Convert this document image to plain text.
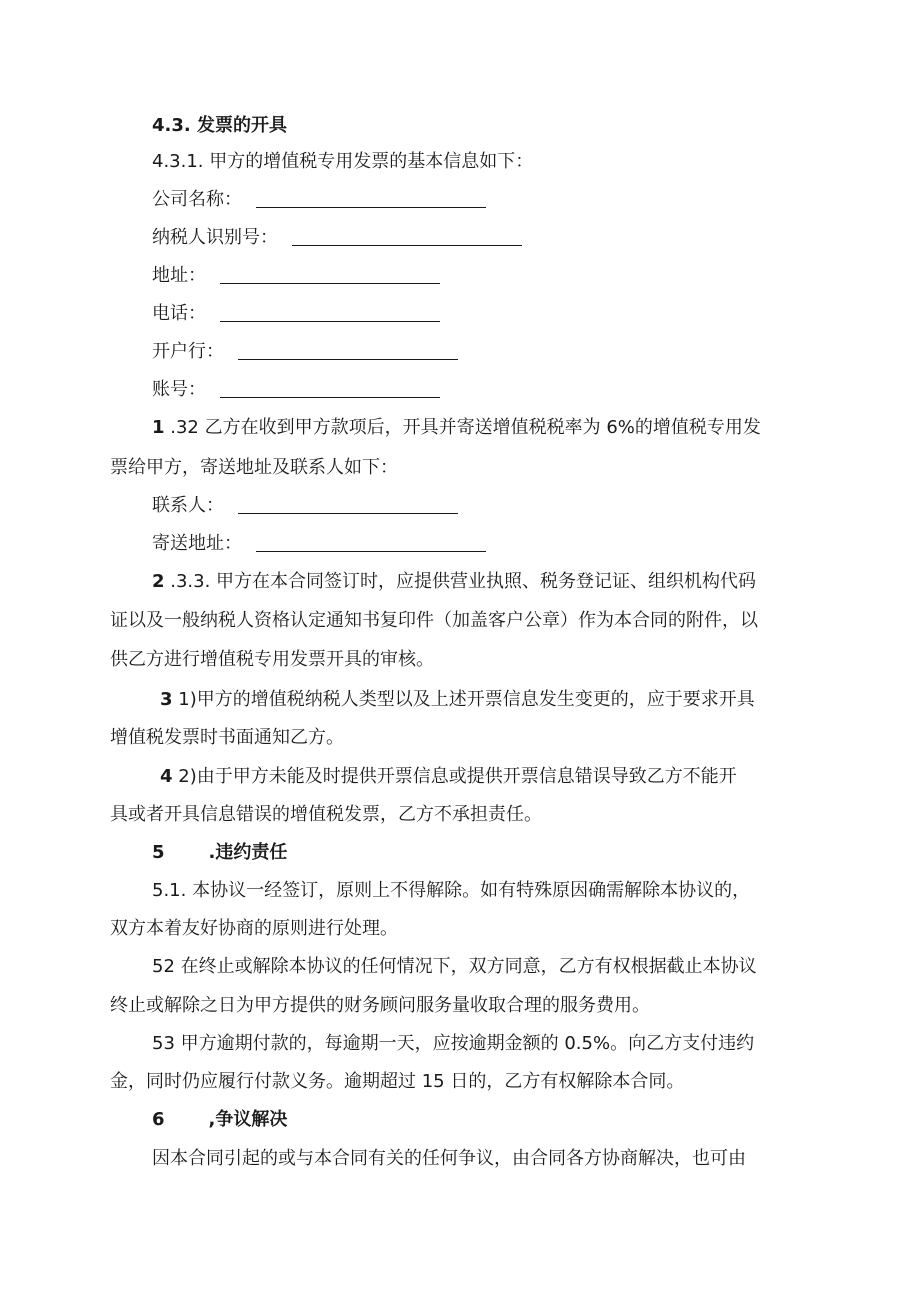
4.3. 发票的开具
4.3.1. 甲方的增值税专用发票的基本信息如下：
公司名称：
纳税人识别号：
地址：
电话：
开户行：
账号：
1 .32 乙方在收到甲方款项后，开具并寄送增值税税率为 6%的增值税专用发
票给甲方，寄送地址及联系人如下：
联系人：
寄送地址：
2 .3.3. 甲方在本合同签订时，应提供营业执照、税务登记证、组织机构代码
证以及一般纳税人资格认定通知书复印件（加盖客户公章）作为本合同的附件，以
供乙方进行增值税专用发票开具的审核。
3 1)甲方的增值税纳税人类型以及上述开票信息发生变更的，应于要求开具
增值税发票时书面通知乙方。
4 2)由于甲方未能及时提供开票信息或提供开票信息错误导致乙方不能开
具或者开具信息错误的增值税发票，乙方不承担责任。
5 .违约责任
5.1. 本协议一经签订，原则上不得解除。如有特殊原因确需解除本协议的，
双方本着友好协商的原则进行处理。
52 在终止或解除本协议的任何情况下，双方同意，乙方有权根据截止本协议
终止或解除之日为甲方提供的财务顾问服务量收取合理的服务费用。
53 甲方逾期付款的，每逾期一天，应按逾期金额的 0.5%。向乙方支付违约
金，同时仍应履行付款义务。逾期超过 15 日的，乙方有权解除本合同。
6 ,争议解决
因本合同引起的或与本合同有关的任何争议，由合同各方协商解决，也可由
